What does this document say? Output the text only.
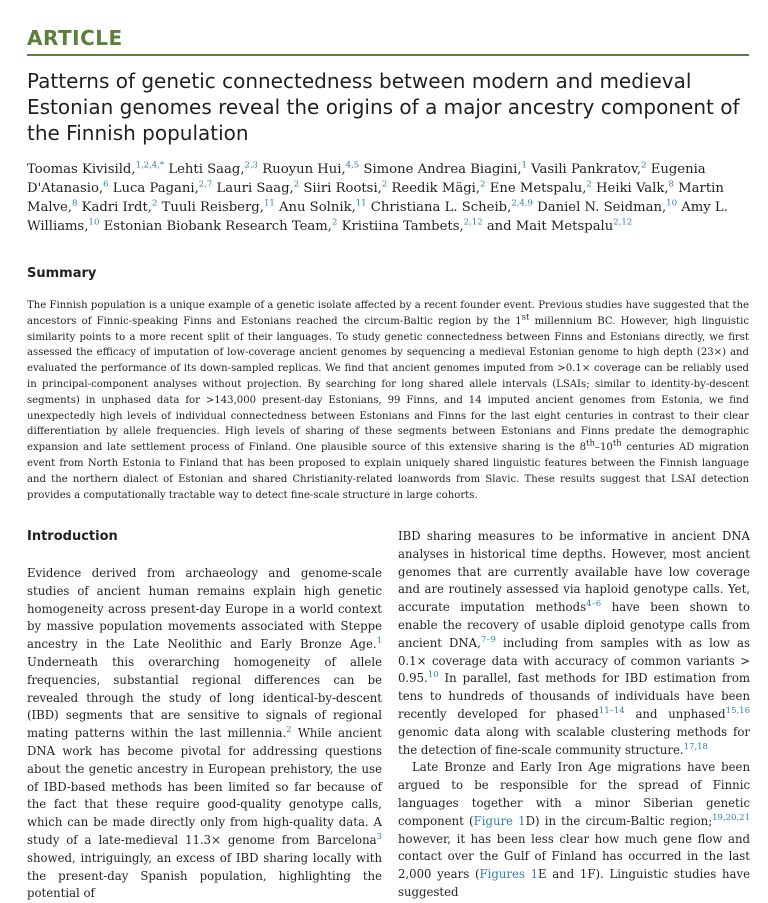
ARTICLE
Patterns of genetic connectedness between modern and medieval Estonian genomes reveal the origins of a major ancestry component of the Finnish population
Toomas Kivisild,$^{1,2,4,*}$ Lehti Saag,$^{2,3}$ Ruoyun Hui,$^{4,5}$ Simone Andrea Biagini,$^1$ Vasili Pankratov,$^2$ Eugenia D'Atanasio,$^6$ Luca Pagani,$^{2,7}$ Lauri Saag,$^2$ Siiri Rootsi,$^2$ Reedik Mägi,$^2$ Ene Metspalu,$^2$ Heiki Valk,$^8$ Martin Malve,$^8$ Kadri Irdt,$^2$ Tuuli Reisberg,$^{11}$ Anu Solnik,$^{11}$ Christiana L. Scheib,$^{2,4,9}$ Daniel N. Seidman,$^{10}$ Amy L. Williams,$^{10}$ Estonian Biobank Research Team,$^2$ Kristiina Tambets,$^{2,12}$ and Mait Metspalu$^{2,12}$
Summary

The Finnish population is a unique example of a genetic isolate affected by a recent founder event. Previous studies have suggested that the ancestors of Finnic-speaking Finns and Estonians reached the circum-Baltic region by the 1st millennium BC. However, high linguistic similarity points to a more recent split of their languages. To study genetic connectedness between Finns and Estonians directly, we first assessed the efficacy of imputation of low-coverage ancient genomes by sequencing a medieval Estonian genome to high depth (23×) and evaluated the performance of its down-sampled replicas. We find that ancient genomes imputed from >0.1× coverage can be reliably used in principal-component analyses without projection. By searching for long shared allele intervals (LSAIs; similar to identity-by-descent segments) in unphased data for >143,000 present-day Estonians, 99 Finns, and 14 imputed ancient genomes from Estonia, we find unexpectedly high levels of individual connectedness between Estonians and Finns for the last eight centuries in contrast to their clear differentiation by allele frequencies. High levels of sharing of these segments between Estonians and Finns predate the demographic expansion and late settlement process of Finland. One plausible source of this extensive sharing is the 8th–10th centuries AD migration event from North Estonia to Finland that has been proposed to explain uniquely shared linguistic features between the Finnish language and the northern dialect of Estonian and shared Christianity-related loanwords from Slavic. These results suggest that LSAI detection provides a computationally tractable way to detect fine-scale structure in large cohorts.

Introduction

Evidence derived from archaeology and genome-scale studies of ancient human remains explain high genetic homogeneity across present-day Europe in a world context by massive population movements associated with Steppe ancestry in the Late Neolithic and Early Bronze Age.$^1$ Underneath this overarching homogeneity of allele frequencies, substantial regional differences can be revealed through the study of long identical-by-descent (IBD) segments that are sensitive to signals of regional mating patterns within the last millennia.$^2$ While ancient DNA work has become pivotal for addressing questions about the genetic ancestry in European prehistory, the use of IBD-based methods has been limited so far because of the fact that these require good-quality genotype calls, which can be made directly only from high-quality data. A study of a late-medieval 11.3× genome from Barcelona$^3$ showed, intriguingly, an excess of IBD sharing locally with the present-day Spanish population, highlighting the potential of

IBD sharing measures to be informative in ancient DNA analyses in historical time depths. However, most ancient genomes that are currently available have low coverage and are routinely assessed via haploid genotype calls. Yet, accurate imputation methods$^{4-6}$ have been shown to enable the recovery of usable diploid genotype calls from ancient DNA,$^{7-9}$ including from samples with as low as 0.1× coverage data with accuracy of common variants > 0.95.10 In parallel, fast methods for IBD estimation from tens to hundreds of thousands of individuals have been recently developed for phased$^{11-14}$ and unphased$^{15,16}$ genomic data along with scalable clustering methods for the detection of fine-scale community structure.$^{17,18}$
Late Bronze and Early Iron Age migrations have been argued to be responsible for the spread of Finnic languages together with a minor Siberian genetic component (Figure 1D) in the circum-Baltic region;$^{19,20,21}$ however, it has been less clear how much gene flow and contact over the Gulf of Finland has occurred in the last 2,000 years (Figures 1E and 1F). Linguistic studies have suggested
